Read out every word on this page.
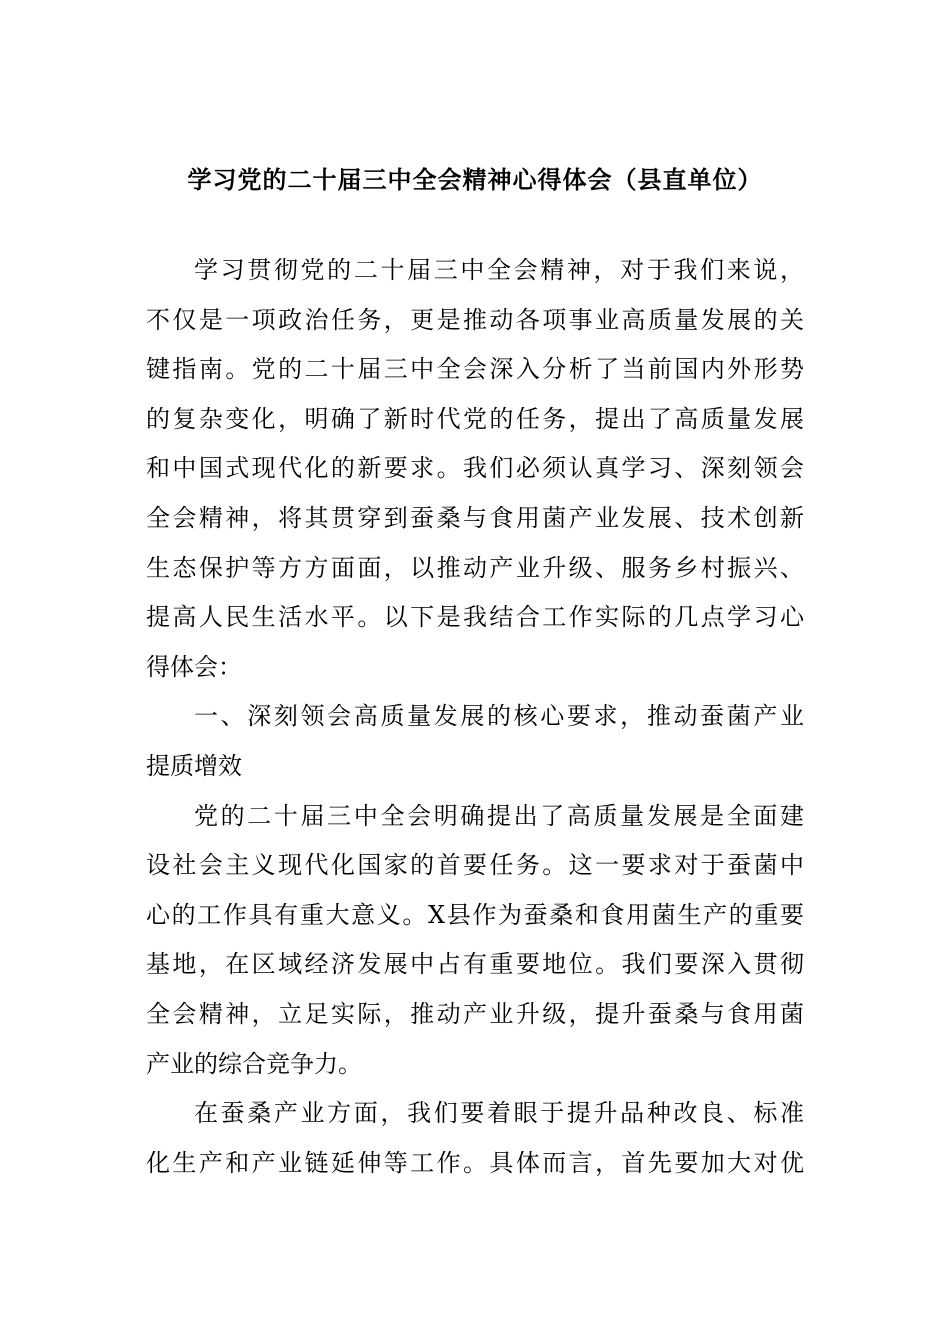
学习党的二十届三中全会精神心得体会（县直单位）
学习贯彻党的二十届三中全会精神，对于我们来说，
不仅是一项政治任务，更是推动各项事业高质量发展的关
键指南。党的二十届三中全会深入分析了当前国内外形势
的复杂变化，明确了新时代党的任务，提出了高质量发展
和中国式现代化的新要求。我们必须认真学习、深刻领会
全会精神，将其贯穿到蚕桑与食用菌产业发展、技术创新
生态保护等方方面面，以推动产业升级、服务乡村振兴、
提高人民生活水平。以下是我结合工作实际的几点学习心
得体会：
一、深刻领会高质量发展的核心要求，推动蚕菌产业
提质增效
党的二十届三中全会明确提出了高质量发展是全面建
设社会主义现代化国家的首要任务。这一要求对于蚕菌中
心的工作具有重大意义。X县作为蚕桑和食用菌生产的重要
基地，在区域经济发展中占有重要地位。我们要深入贯彻
全会精神，立足实际，推动产业升级，提升蚕桑与食用菌
产业的综合竞争力。
在蚕桑产业方面，我们要着眼于提升品种改良、标准
化生产和产业链延伸等工作。具体而言，首先要加大对优
